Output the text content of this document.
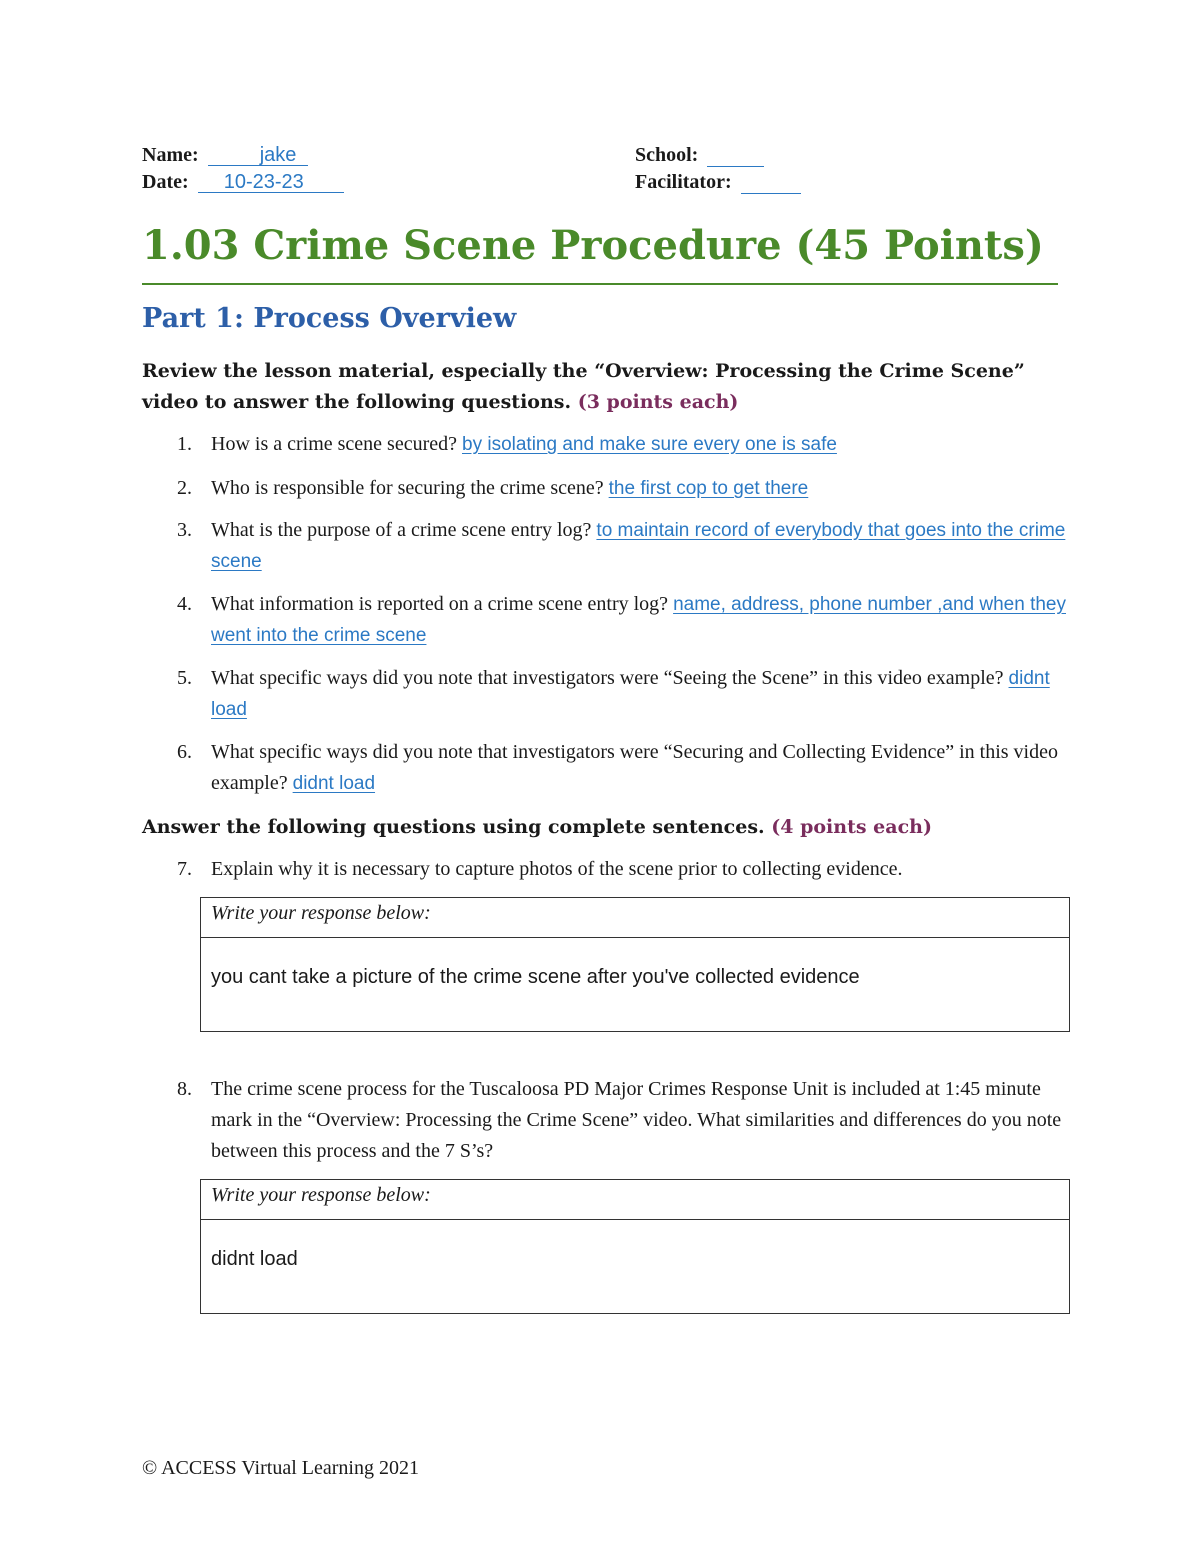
Name:	jake
Date: 10-23-23
School:
Facilitator:
1.03 Crime Scene Procedure (45 Points)
Part 1: Process Overview
Review the lesson material, especially the “Overview: Processing the Crime Scene” video to answer the following questions. (3 points each)
1. How is a crime scene secured? by isolating and make sure every one is safe
2. Who is responsible for securing the crime scene? the first cop to get there
3. What is the purpose of a crime scene entry log? to maintain record of everybody that goes into the crime scene
4. What information is reported on a crime scene entry log? name, address, phone number ,and when they went into the crime scene
5. What specific ways did you note that investigators were “Seeing the Scene” in this video example? didnt load
6. What specific ways did you note that investigators were “Securing and Collecting Evidence” in this video example? didnt load
Answer the following questions using complete sentences. (4 points each)
7. Explain why it is necessary to capture photos of the scene prior to collecting evidence.
Write your response below:
you cant take a picture of the crime scene after you've collected evidence
8. The crime scene process for the Tuscaloosa PD Major Crimes Response Unit is included at 1:45 minute mark in the “Overview: Processing the Crime Scene” video. What similarities and differences do you note between this process and the 7 S’s?
Write your response below:
didnt load
© ACCESS Virtual Learning 2021
